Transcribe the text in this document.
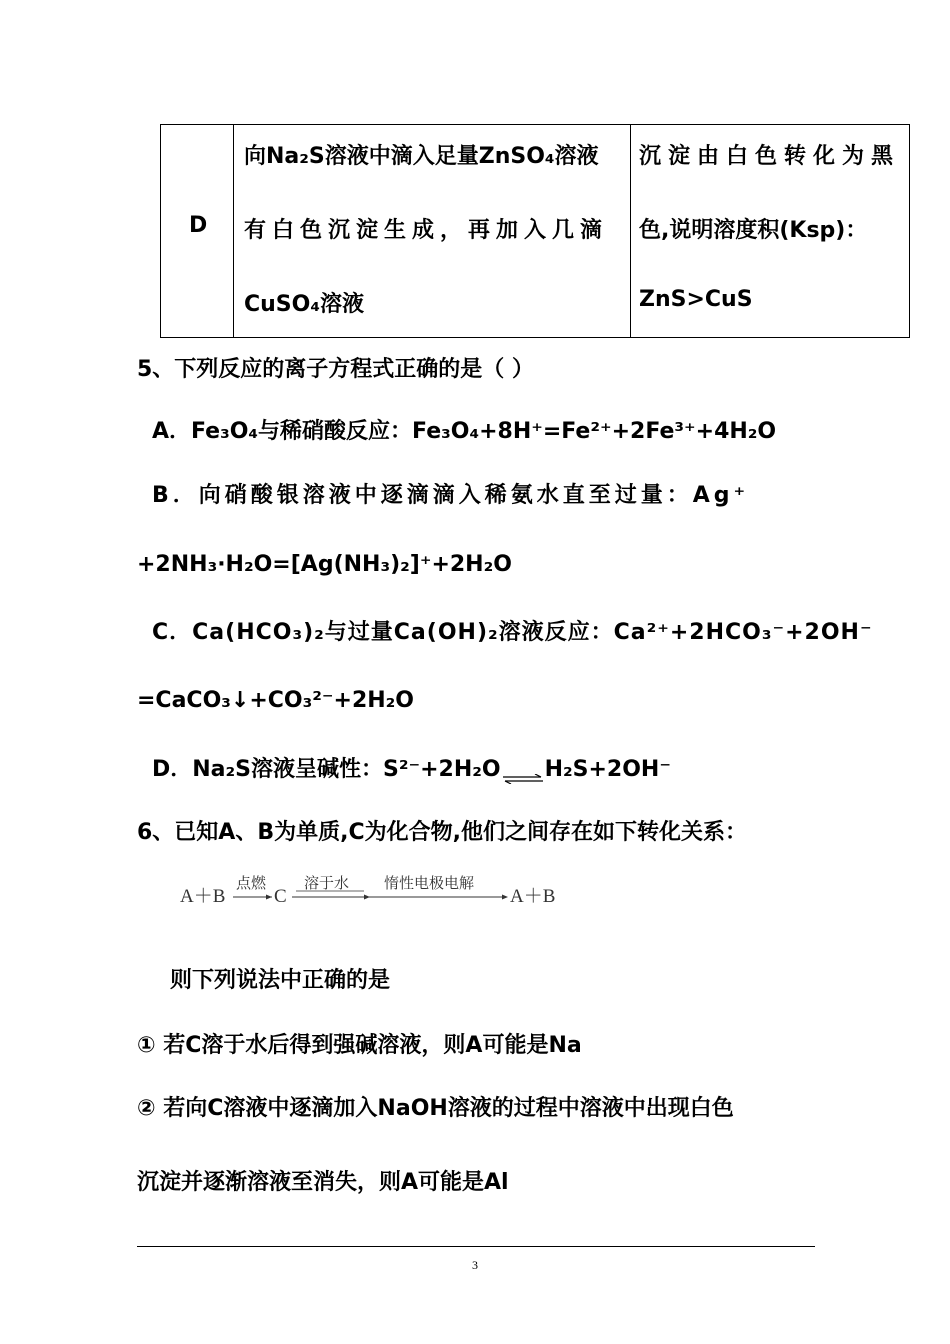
D
向Na₂S溶液中滴入足量ZnSO₄溶液
有白色沉淀生成，再加入几滴
CuSO₄溶液
沉淀由白色转化为黑
色,说明溶度积(Ksp)：
ZnS>CuS
5、下列反应的离子方程式正确的是（ ）
A．Fe₃O₄与稀硝酸反应：Fe₃O₄+8H⁺=Fe²⁺+2Fe³⁺+4H₂O
B．向硝酸银溶液中逐滴滴入稀氨水直至过量：Ag⁺
+2NH₃·H₂O=[Ag(NH₃)₂]⁺+2H₂O
C．Ca(HCO₃)₂与过量Ca(OH)₂溶液反应：Ca²⁺+2HCO₃⁻+2OH⁻
=CaCO₃↓+CO₃²⁻+2H₂O
D．Na₂S溶液呈碱性：S²⁻+2H₂O⇌H₂S+2OH⁻
6、已知A、B为单质,C为化合物,他们之间存在如下转化关系：
A＋B
点燃
C
溶于水 惰性电极电解
A＋B
则下列说法中正确的是
① 若C溶于水后得到强碱溶液，则A可能是Na
② 若向C溶液中逐滴加入NaOH溶液的过程中溶液中出现白色
沉淀并逐渐溶液至消失，则A可能是Al
3
